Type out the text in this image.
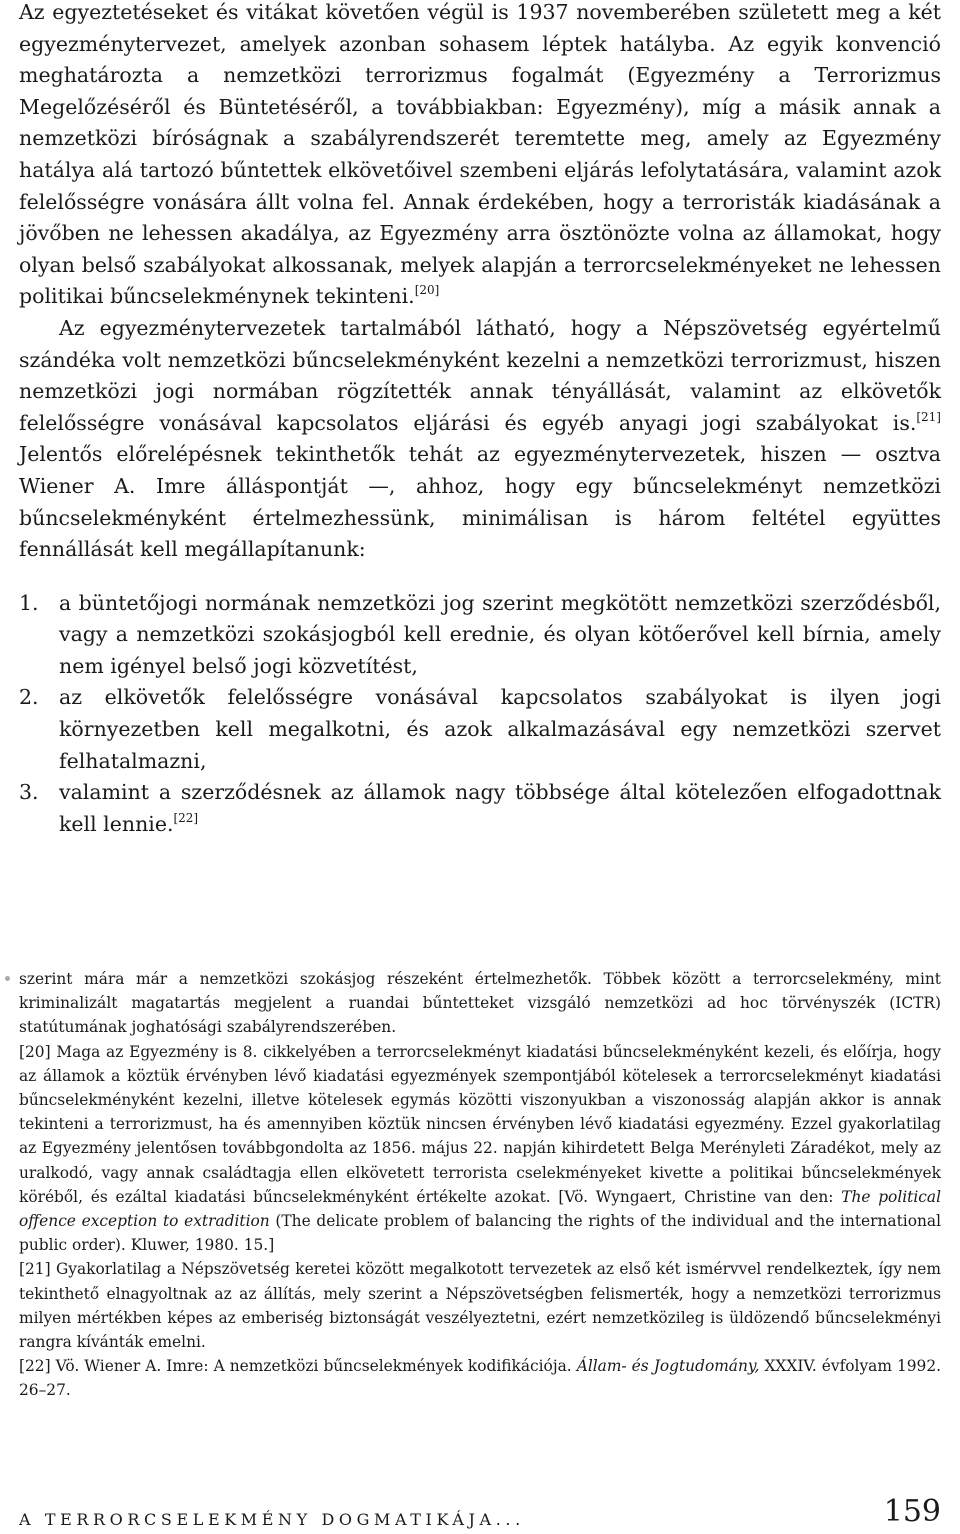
Az egyeztetéseket és vitákat követően végül is 1937 novemberében született meg a két egyezménytervezet, amelyek azonban sohasem léptek hatályba. Az egyik konvenció meghatározta a nemzetközi terrorizmus fogalmát (Egyezmény a Terrorizmus Megelőzéséről és Büntetéséről, a továbbiakban: Egyezmény), míg a másik annak a nemzetközi bíróságnak a szabályrendszerét teremtette meg, amely az Egyezmény hatálya alá tartozó bűntettek elkövetőivel szembeni eljárás lefolytatására, valamint azok felelősségre vonására állt volna fel. Annak érdekében, hogy a terroristák kiadásának a jövőben ne lehessen akadálya, az Egyezmény arra ösztönözte volna az államokat, hogy olyan belső szabályokat alkossanak, melyek alapján a terrorcselekményeket ne lehessen politikai bűncselekménynek tekinteni.[20]

Az egyezménytervezetek tartalmából látható, hogy a Népszövetség egyértelmű szándéka volt nemzetközi bűncselekményként kezelni a nemzetközi terrorizmust, hiszen nemzetközi jogi normában rögzítették annak tényállását, valamint az elkövetők felelősségre vonásával kapcsolatos eljárási és egyéb anyagi jogi szabályokat is.[21] Jelentős előrelépésnek tekinthetők tehát az egyezménytervezetek, hiszen — osztva Wiener A. Imre álláspontját —, ahhoz, hogy egy bűncselekményt nemzetközi bűncselekményként értelmezhessünk, minimálisan is három feltétel együttes fennállását kell megállapítanunk:

1. a büntetőjogi normának nemzetközi jog szerint megkötött nemzetközi szerződésből, vagy a nemzetközi szokásjogból kell erednie, és olyan kötőerővel kell bírnia, amely nem igényel belső jogi közvetítést,
2. az elkövetők felelősségre vonásával kapcsolatos szabályokat is ilyen jogi környezetben kell megalkotni, és azok alkalmazásával egy nemzetközi szervet felhatalmazni,
3. valamint a szerződésnek az államok nagy többsége által kötelezően elfogadottnak kell lennie.[22]

szerint mára már a nemzetközi szokásjog részeként értelmezhetők. Többek között a terrorcselekmény, mint kriminalizált magatartás megjelent a ruandai bűntetteket vizsgáló nemzetközi ad hoc törvényszék (ICTR) statútumának joghatósági szabályrendszerében.

[20] Maga az Egyezmény is 8. cikkelyében a terrorcselekményt kiadatási bűncselekményként kezeli, és előírja, hogy az államok a köztük érvényben lévő kiadatási egyezmények szempontjából kötelesek a terrorcselekményt kiadatási bűncselekményként kezelni, illetve kötelesek egymás közötti viszonyukban a viszonosság alapján akkor is annak tekinteni a terrorizmust, ha és amennyiben köztük nincsen érvényben lévő kiadatási egyezmény. Ezzel gyakorlatilag az Egyezmény jelentősen továbbgondolta az 1856. május 22. napján kihirdetett Belga Merényleti Záradékot, mely az uralkodó, vagy annak családtagja ellen elkövetett terrorista cselekményeket kivette a politikai bűncselekmények köréből, és ezáltal kiadatási bűncselekményként értékelte azokat. [Vö. Wyngaert, Christine van den: The political offence exception to extradition (The delicate problem of balancing the rights of the individual and the international public order). Kluwer, 1980. 15.]

[21] Gyakorlatilag a Népszövetség keretei között megalkotott tervezetek az első két ismérvvel rendelkeztek, így nem tekinthető elnagyoltnak az az állítás, mely szerint a Népszövetségben felismerték, hogy a nemzetközi terrorizmus milyen mértékben képes az emberiség biztonságát veszélyeztetni, ezért nemzetközileg is üldözendő bűncselekményi rangra kívánták emelni.

[22] Vö. Wiener A. Imre: A nemzetközi bűncselekmények kodifikációja. Állam- és Jogtudomány, XXXIV. évfolyam 1992. 26–27.

A TERRORCSELEKMÉNY DOGMATIKÁJA...	159
